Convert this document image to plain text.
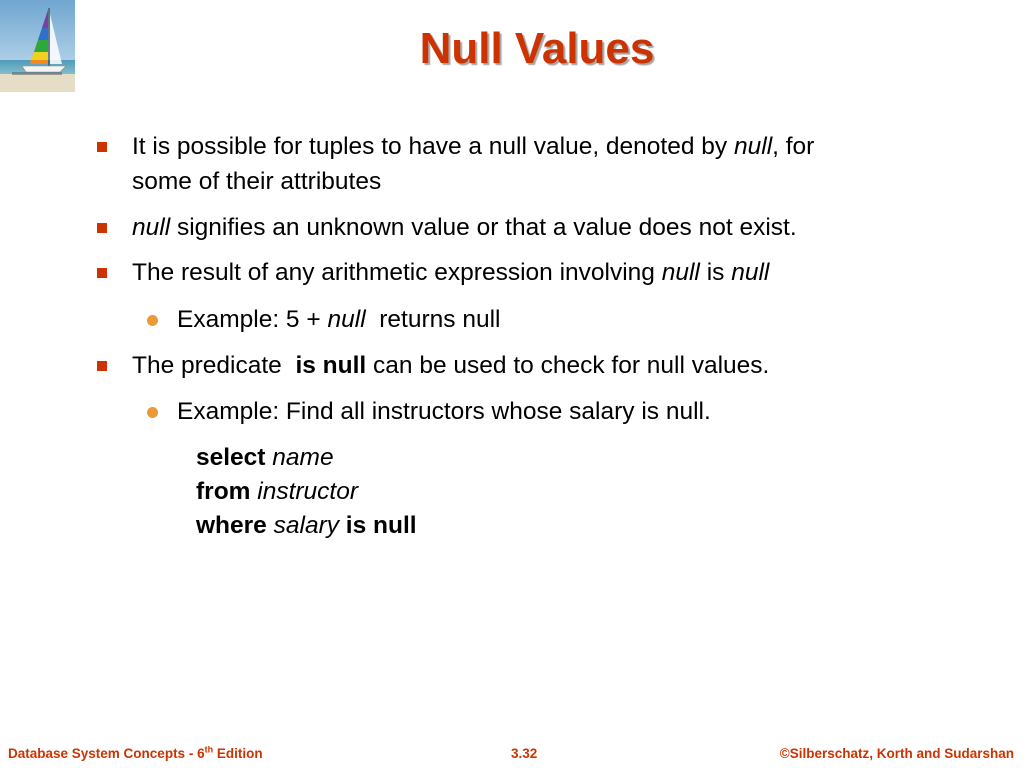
Null Values
It is possible for tuples to have a null value, denoted by null, for
some of their attributes
null signifies an unknown value or that a value does not exist.
The result of any arithmetic expression involving null is null
Example: 5 + null returns null
The predicate is null can be used to check for null values.
Example: Find all instructors whose salary is null.
select name
from instructor
where salary is null
Database System Concepts - 6th Edition	3.32	©Silberschatz, Korth and Sudarshan
